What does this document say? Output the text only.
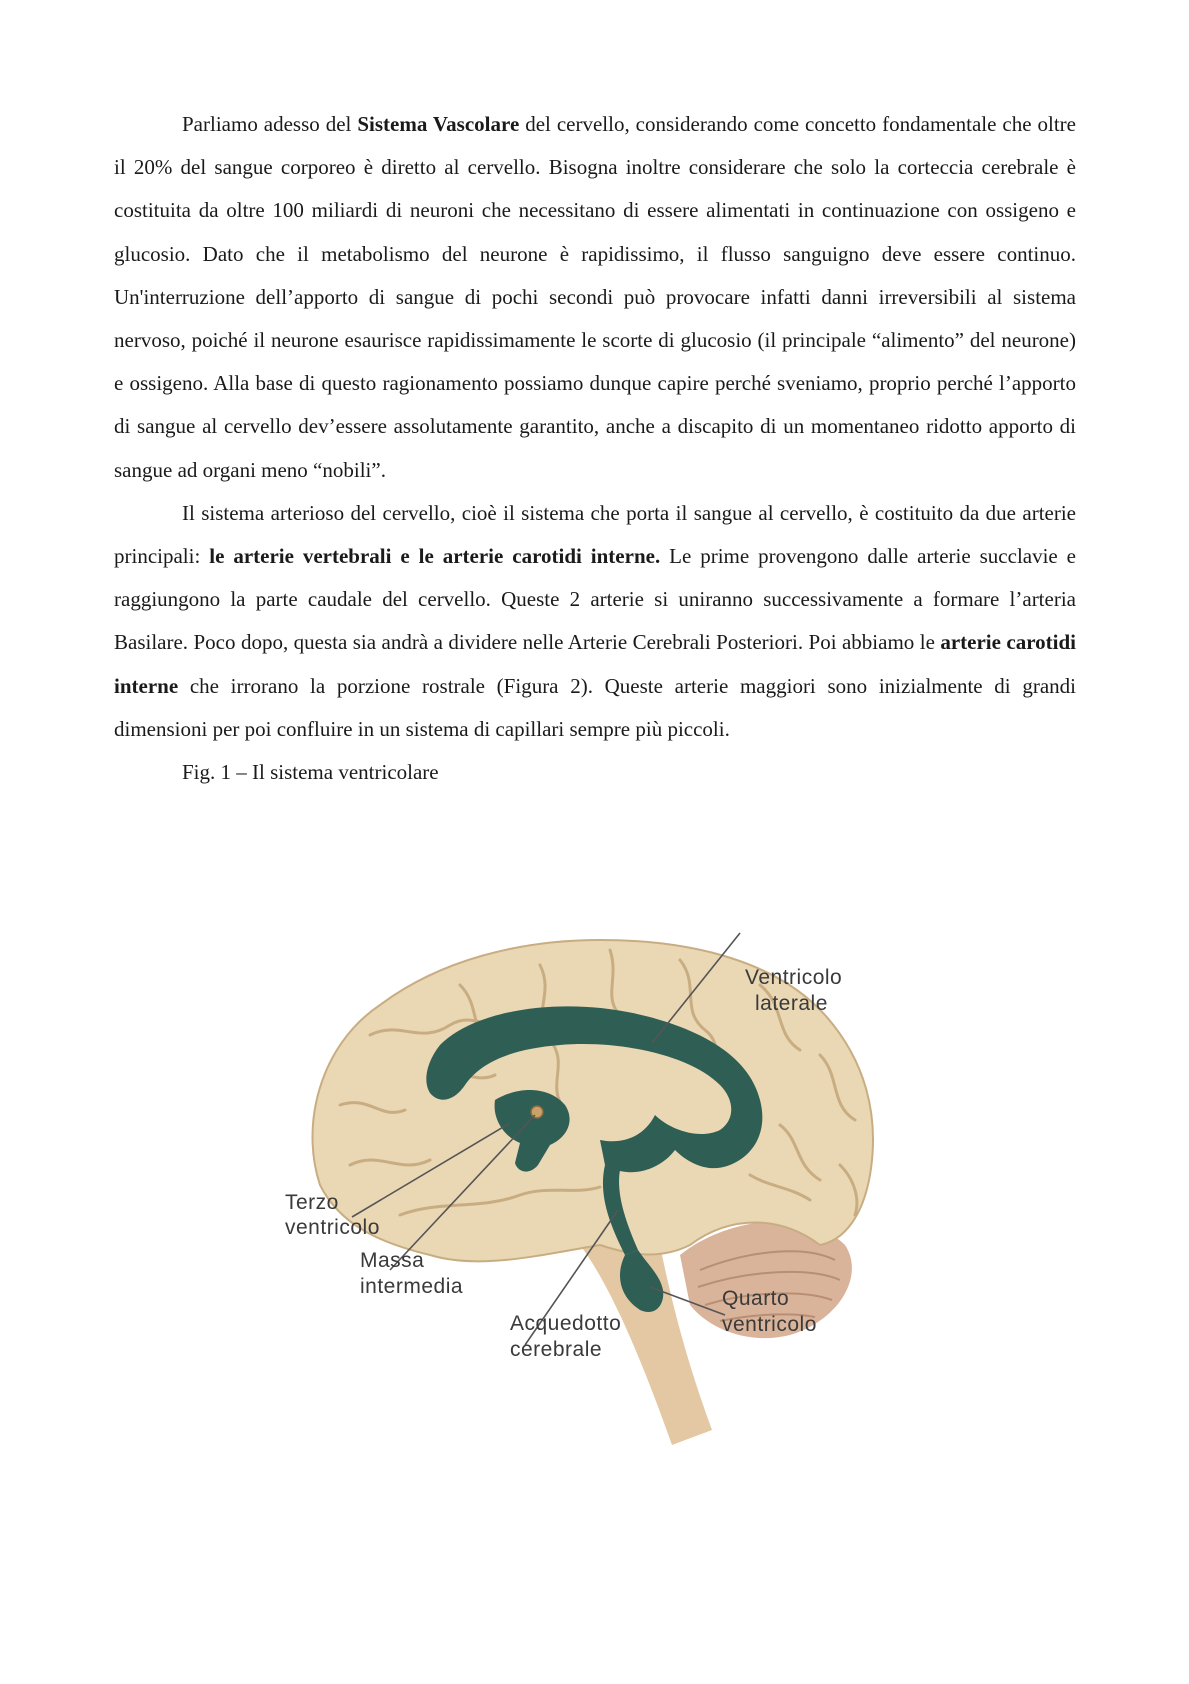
Parliamo adesso del Sistema Vascolare del cervello, considerando come concetto fondamentale che oltre il 20% del sangue corporeo è diretto al cervello. Bisogna inoltre considerare che solo la corteccia cerebrale è costituita da oltre 100 miliardi di neuroni che necessitano di essere alimentati in continuazione con ossigeno e glucosio. Dato che il metabolismo del neurone è rapidissimo, il flusso sanguigno deve essere continuo. Un'interruzione dell’apporto di sangue di pochi secondi può provocare infatti danni irreversibili al sistema nervoso, poiché il neurone esaurisce rapidissimamente le scorte di glucosio (il principale “alimento” del neurone) e ossigeno. Alla base di questo ragionamento possiamo dunque capire perché sveniamo, proprio perché l’apporto di sangue al cervello dev’essere assolutamente garantito, anche a discapito di un momentaneo ridotto apporto di sangue ad organi meno “nobili”.

Il sistema arterioso del cervello, cioè il sistema che porta il sangue al cervello, è costituito da due arterie principali: le arterie vertebrali e le arterie carotidi interne. Le prime provengono dalle arterie succlavie e raggiungono la parte caudale del cervello. Queste 2 arterie si uniranno successivamente a formare l’arteria Basilare. Poco dopo, questa sia andrà a dividere nelle Arterie Cerebrali Posteriori. Poi abbiamo le arterie carotidi interne che irrorano la porzione rostrale (Figura 2). Queste arterie maggiori sono inizialmente di grandi dimensioni per poi confluire in un sistema di capillari sempre più piccoli.

Fig. 1 – Il sistema ventricolare

Ventricolo
laterale
Terzo
ventricolo
Massa
intermedia
Acquedotto
cerebrale
Quarto
ventricolo
